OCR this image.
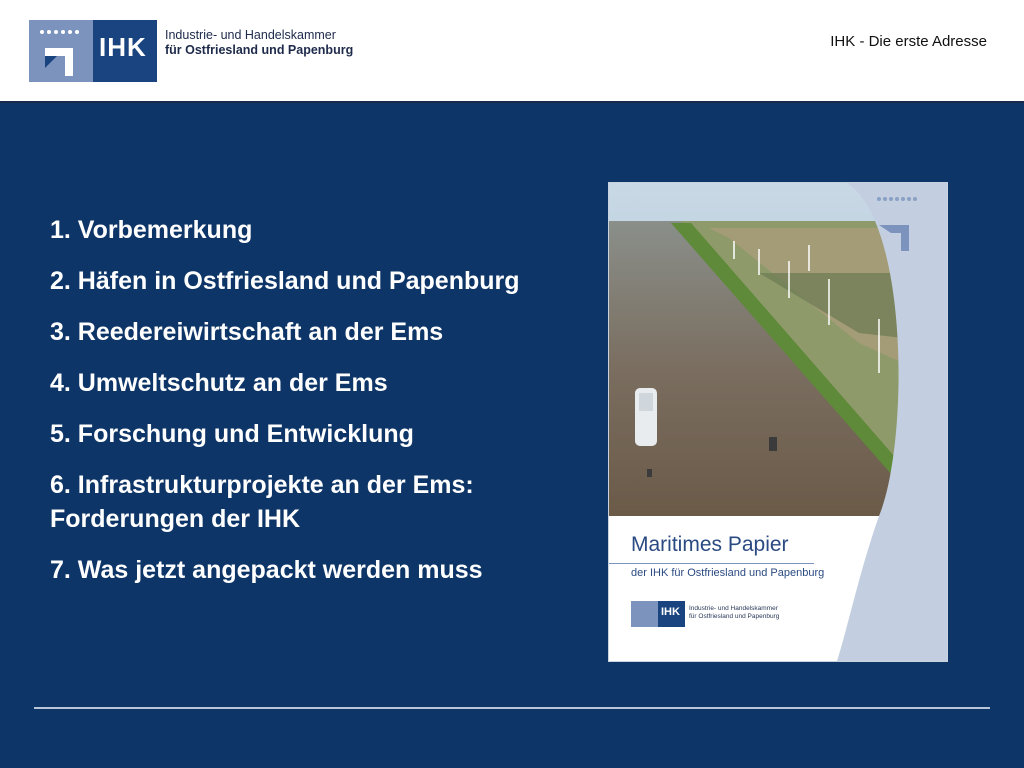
IHK Industrie- und Handelskammer
für Ostfriesland und Papenburg	IHK - Die erste Adresse
1. Vorbemerkung
2. Häfen in Ostfriesland und Papenburg
3. Reedereiwirtschaft an der Ems
4. Umweltschutz an der Ems
5. Forschung und Entwicklung
6. Infrastrukturprojekte an der Ems: Forderungen der IHK
7. Was jetzt angepackt werden muss
Maritimes Papier
der IHK für Ostfriesland und Papenburg
IHK Industrie- und Handelskammer
für Ostfriesland und Papenburg
